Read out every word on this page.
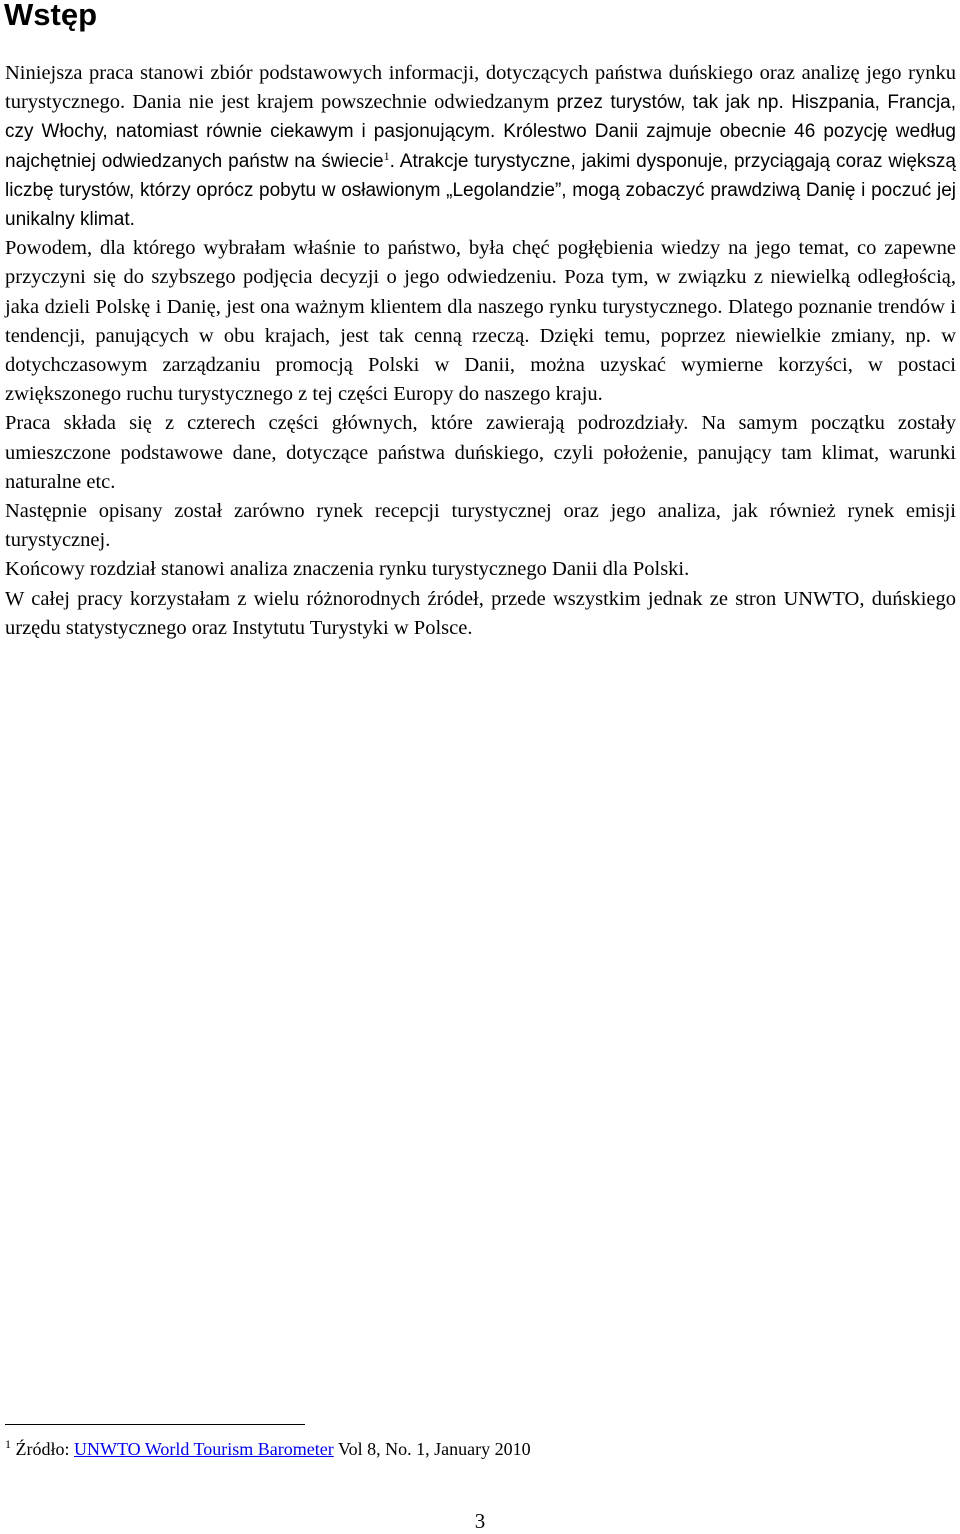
Wstęp

Niniejsza praca stanowi zbiór podstawowych informacji, dotyczących państwa duńskiego oraz analizę jego rynku turystycznego. Dania nie jest krajem powszechnie odwiedzanym przez turystów, tak jak np. Hiszpania, Francja, czy Włochy, natomiast równie ciekawym i pasjonującym. Królestwo Danii zajmuje obecnie 46 pozycję według najchętniej odwiedzanych państw na świecie$^1$. Atrakcje turystyczne, jakimi dysponuje, przyciągają coraz większą liczbę turystów, którzy oprócz pobytu w osławionym „Legolandzie”, mogą zobaczyć prawdziwą Danię i poczuć jej unikalny klimat.

Powodem, dla którego wybrałam właśnie to państwo, była chęć pogłębienia wiedzy na jego temat, co zapewne przyczyni się do szybszego podjęcia decyzji o jego odwiedzeniu. Poza tym, w związku z niewielką odległością, jaka dzieli Polskę i Danię, jest ona ważnym klientem dla naszego rynku turystycznego. Dlatego poznanie trendów i tendencji, panujących w obu krajach, jest tak cenną rzeczą. Dzięki temu, poprzez niewielkie zmiany, np. w dotychczasowym zarządzaniu promocją Polski w Danii, można uzyskać wymierne korzyści, w postaci zwiększonego ruchu turystycznego z tej części Europy do naszego kraju.

Praca składa się z czterech części głównych, które zawierają podrozdziały. Na samym początku zostały umieszczone podstawowe dane, dotyczące państwa duńskiego, czyli położenie, panujący tam klimat, warunki naturalne etc.

Następnie opisany został zarówno rynek recepcji turystycznej oraz jego analiza, jak również rynek emisji turystycznej.

Końcowy rozdział stanowi analiza znaczenia rynku turystycznego Danii dla Polski.

W całej pracy korzystałam z wielu różnorodnych źródeł, przede wszystkim jednak ze stron UNWTO, duńskiego urzędu statystycznego oraz Instytutu Turystyki w Polsce.

$^1$ Źródło: UNWTO World Tourism Barometer Vol 8, No. 1, January 2010
3
